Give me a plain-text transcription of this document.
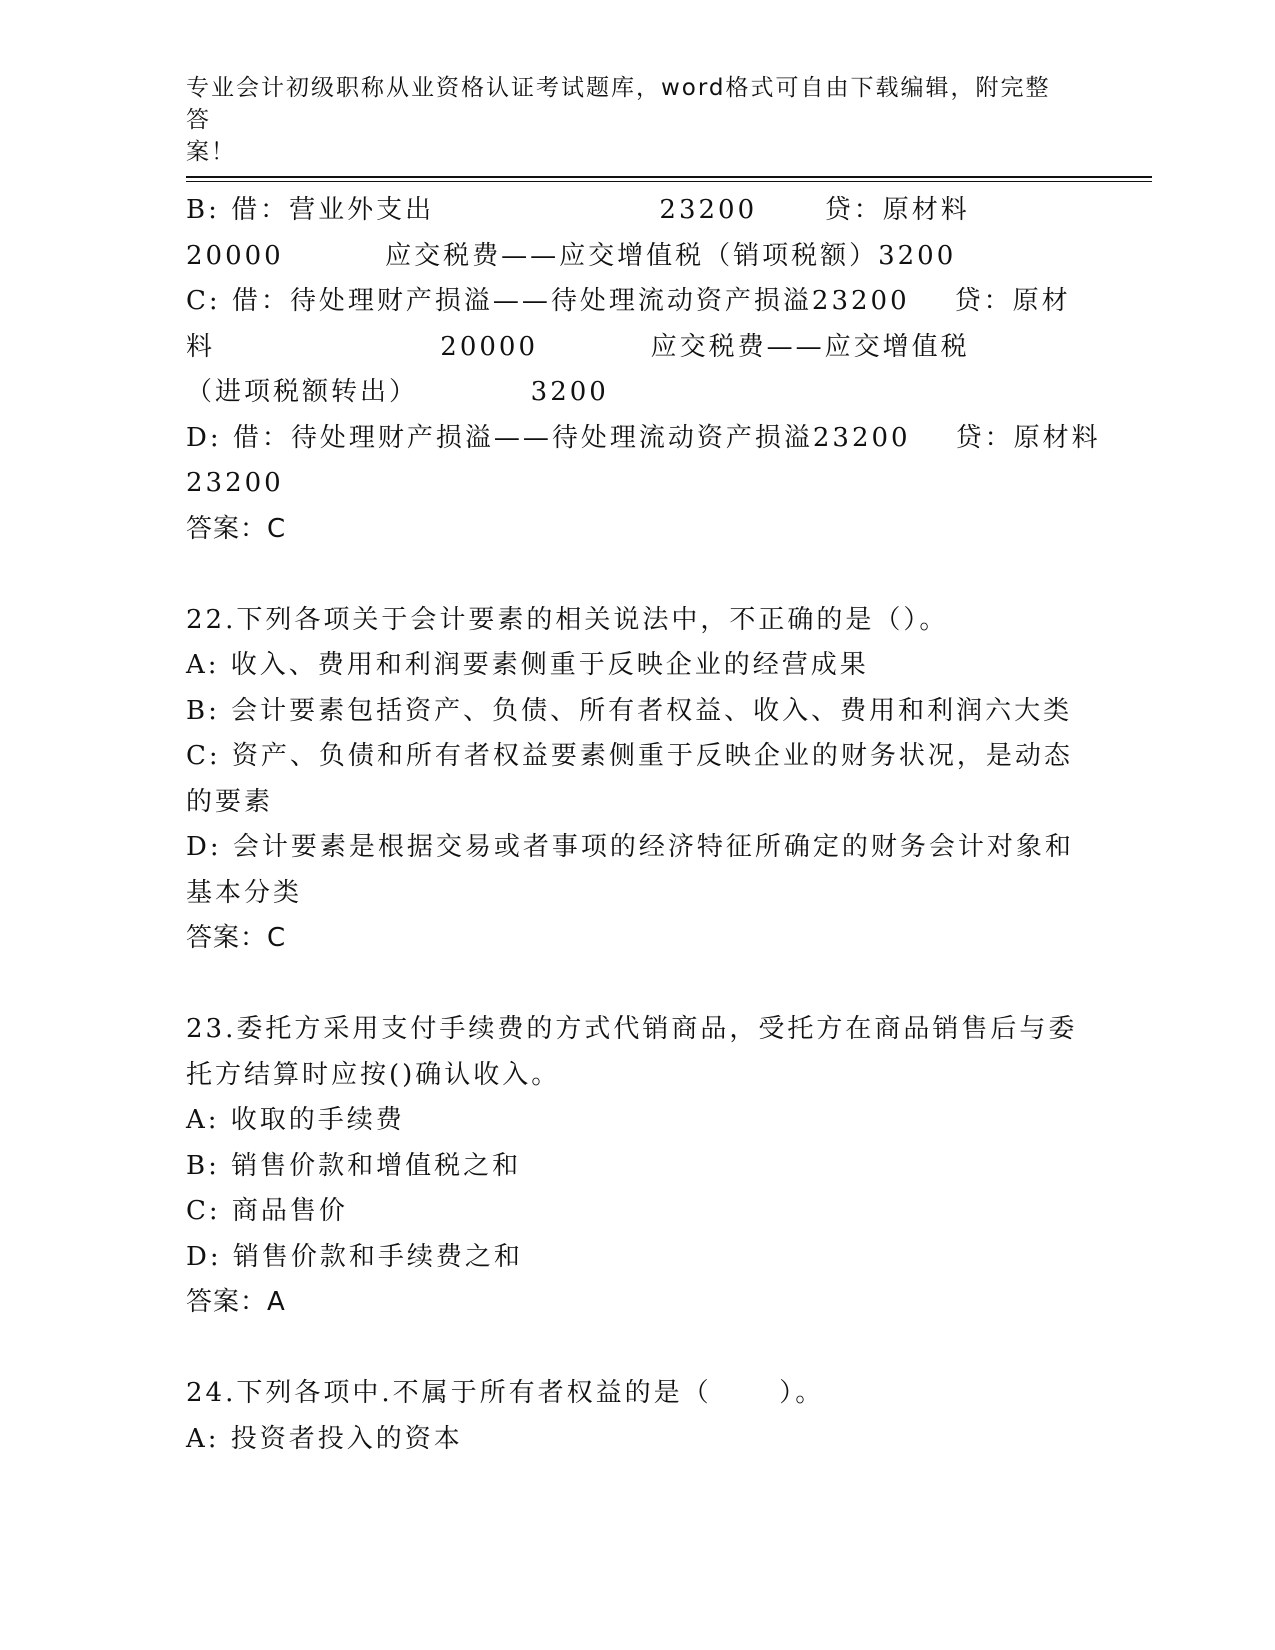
专业会计初级职称从业资格认证考试题库，word格式可自由下载编辑，附完整答
案！
B: 借：营业外支出                    23200      贷：原材料
20000         应交税费——应交增值税（销项税额）3200
C: 借：待处理财产损溢——待处理流动资产损溢23200    贷：原材
料                    20000          应交税费——应交增值税
（进项税额转出）          3200
D: 借：待处理财产损溢——待处理流动资产损溢23200    贷：原材料
23200
答案：C
22.下列各项关于会计要素的相关说法中，不正确的是（）。
A: 收入、费用和利润要素侧重于反映企业的经营成果
B: 会计要素包括资产、负债、所有者权益、收入、费用和利润六大类
C: 资产、负债和所有者权益要素侧重于反映企业的财务状况，是动态
的要素
D: 会计要素是根据交易或者事项的经济特征所确定的财务会计对象和
基本分类
答案：C
23.委托方采用支付手续费的方式代销商品，受托方在商品销售后与委
托方结算时应按()确认收入。
A: 收取的手续费
B: 销售价款和增值税之和
C: 商品售价
D: 销售价款和手续费之和
答案：A
24.下列各项中.不属于所有者权益的是（      ）。
A: 投资者投入的资本
